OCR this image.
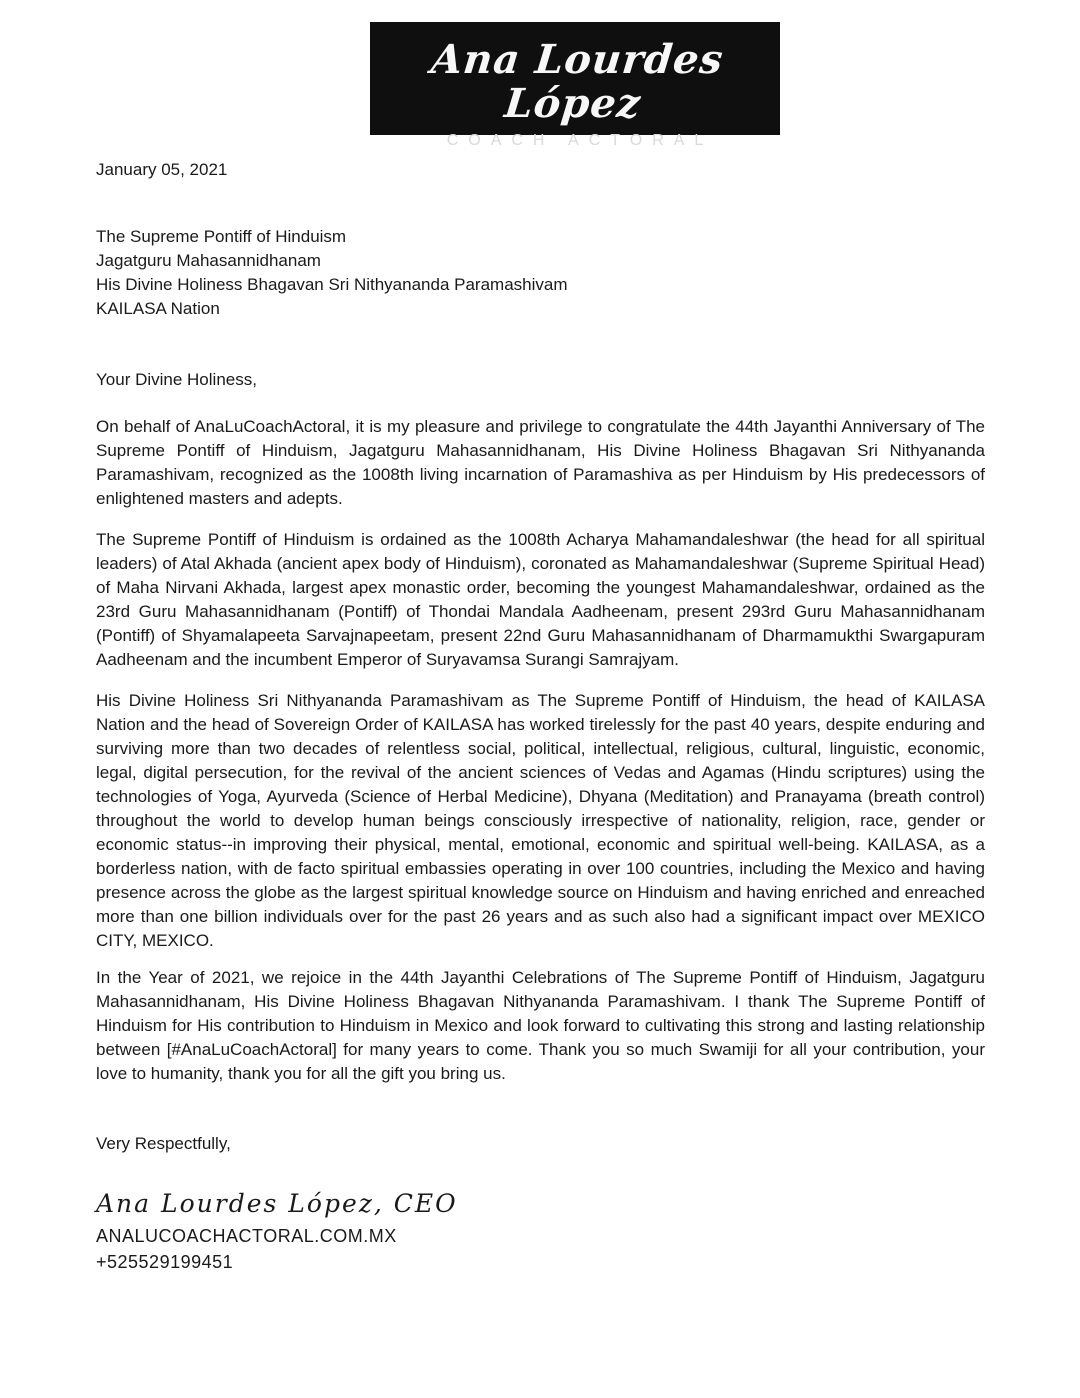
Ana Lourdes López
COACH ACTORAL
January 05, 2021
The Supreme Pontiff of Hinduism
Jagatguru Mahasannidhanam
His Divine Holiness Bhagavan Sri Nithyananda Paramashivam
KAILASA Nation
Your Divine Holiness,

On behalf of AnaLuCoachActoral, it is my pleasure and privilege to congratulate the 44th Jayanthi Anniversary of The Supreme Pontiff of Hinduism, Jagatguru Mahasannidhanam, His Divine Holiness Bhagavan Sri Nithyananda Paramashivam, recognized as the 1008th living incarnation of Paramashiva as per Hinduism by His predecessors of enlightened masters and adepts.

The Supreme Pontiff of Hinduism is ordained as the 1008th Acharya Mahamandaleshwar (the head for all spiritual leaders) of Atal Akhada (ancient apex body of Hinduism), coronated as Mahamandaleshwar (Supreme Spiritual Head) of Maha Nirvani Akhada, largest apex monastic order, becoming the youngest Mahamandaleshwar, ordained as the 23rd Guru Mahasannidhanam (Pontiff) of Thondai Mandala Aadheenam, present 293rd Guru Mahasannidhanam (Pontiff) of Shyamalapeeta Sarvajnapeetam, present 22nd Guru Mahasannidhanam of Dharmamukthi Swargapuram Aadheenam and the incumbent Emperor of Suryavamsa Surangi Samrajyam.

His Divine Holiness Sri Nithyananda Paramashivam as The Supreme Pontiff of Hinduism, the head of KAILASA Nation and the head of Sovereign Order of KAILASA has worked tirelessly for the past 40 years, despite enduring and surviving more than two decades of relentless social, political, intellectual, religious, cultural, linguistic, economic, legal, digital persecution, for the revival of the ancient sciences of Vedas and Agamas (Hindu scriptures) using the technologies of Yoga, Ayurveda (Science of Herbal Medicine), Dhyana (Meditation) and Pranayama (breath control) throughout the world to develop human beings consciously irrespective of nationality, religion, race, gender or economic status--in improving their physical, mental, emotional, economic and spiritual well-being. KAILASA, as a borderless nation, with de facto spiritual embassies operating in over 100 countries, including the Mexico and having presence across the globe as the largest spiritual knowledge source on Hinduism and having enriched and enreached more than one billion individuals over for the past 26 years and as such also had a significant impact over MEXICO CITY, MEXICO.

In the Year of 2021, we rejoice in the 44th Jayanthi Celebrations of The Supreme Pontiff of Hinduism, Jagatguru Mahasannidhanam, His Divine Holiness Bhagavan Nithyananda Paramashivam. I thank The Supreme Pontiff of Hinduism for His contribution to Hinduism in Mexico and look forward to cultivating this strong and lasting relationship between [#AnaLuCoachActoral] for many years to come. Thank you so much Swamiji for all your contribution, your love to humanity, thank you for all the gift you bring us.

Very Respectfully,
Ana Lourdes López, CEO
ANALUCOACHACTORAL.COM.MX
+525529199451
